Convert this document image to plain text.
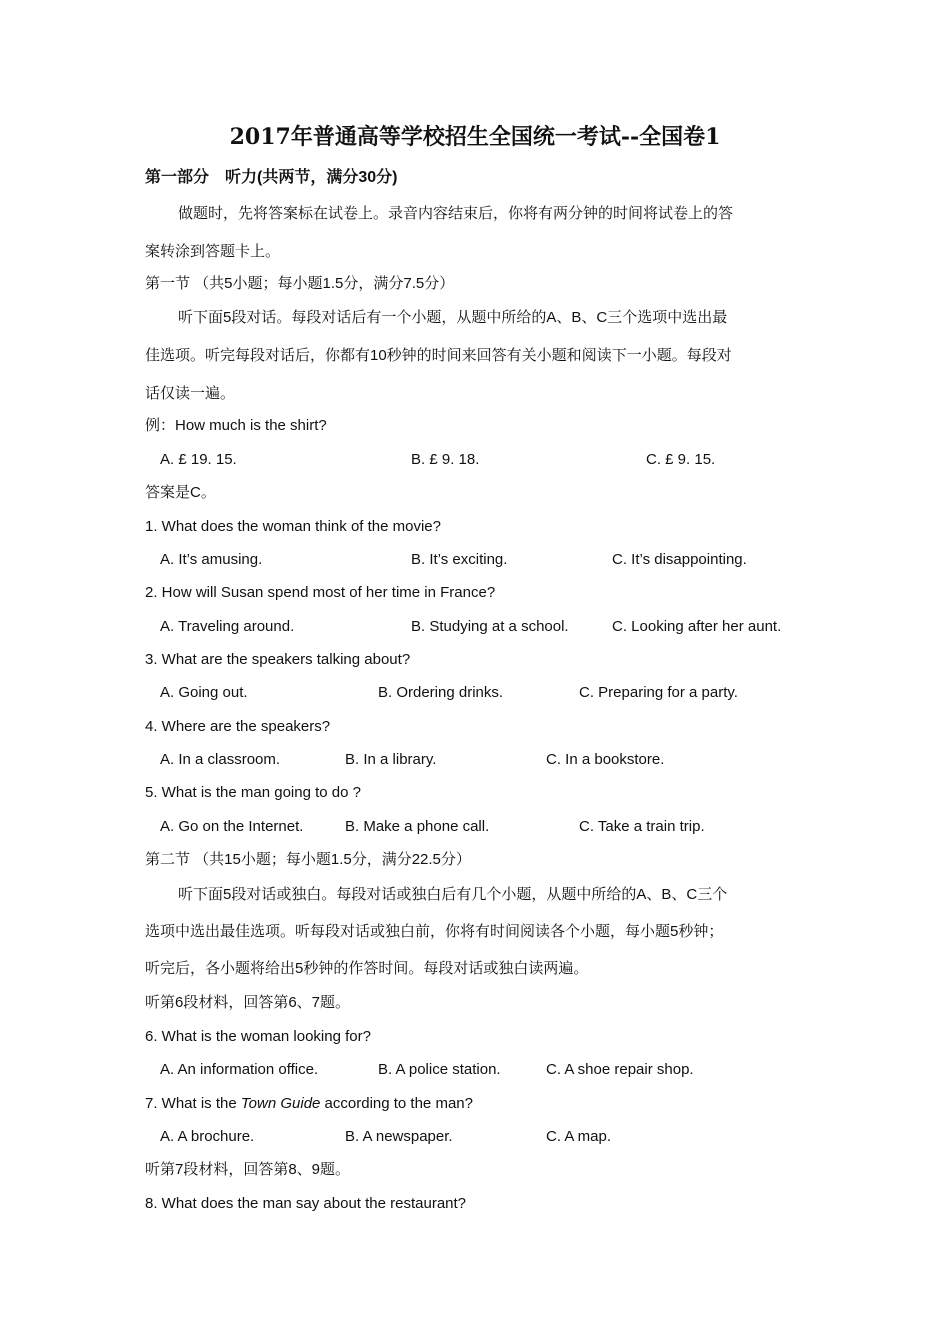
2017年普通高等学校招生全国统一考试--全国卷1
第一部分　听力(共两节，满分30分)
做题时，先将答案标在试卷上。录音内容结束后，你将有两分钟的时间将试卷上的答
案转涂到答题卡上。
第一节 （共5小题；每小题1.5分，满分7.5分）
听下面5段对话。每段对话后有一个小题，从题中所给的A、B、C三个选项中选出最
佳选项。听完每段对话后，你都有10秒钟的时间来回答有关小题和阅读下一小题。每段对
话仅读一遍。
例：How much is the shirt?
A. £ 19. 15.	B. £ 9. 18.	C. £ 9. 15.
答案是C。
1. What does the woman think of the movie?
A. It’s amusing.	B. It’s exciting.	C. It’s disappointing.
2. How will Susan spend most of her time in France?
A. Traveling around.	B. Studying at a school.	C. Looking after her aunt.
3. What are the speakers talking about?
A. Going out.	B. Ordering drinks.	C. Preparing for a party.
4. Where are the speakers?
A. In a classroom.	B. In a library.	C. In a bookstore.
5. What is the man going to do ?
A. Go on the Internet.	B. Make a phone call.	C. Take a train trip.
第二节 （共15小题；每小题1.5分，满分22.5分）
听下面5段对话或独白。每段对话或独白后有几个小题，从题中所给的A、B、C三个
选项中选出最佳选项。听每段对话或独白前，你将有时间阅读各个小题，每小题5秒钟；
听完后，各小题将给出5秒钟的作答时间。每段对话或独白读两遍。
听第6段材料，回答第6、7题。
6. What is the woman looking for?
A. An information office.	B. A police station.	C. A shoe repair shop.
7. What is the Town Guide according to the man?
A. A brochure.	B. A newspaper.	C. A map.
听第7段材料，回答第8、9题。
8. What does the man say about the restaurant?
